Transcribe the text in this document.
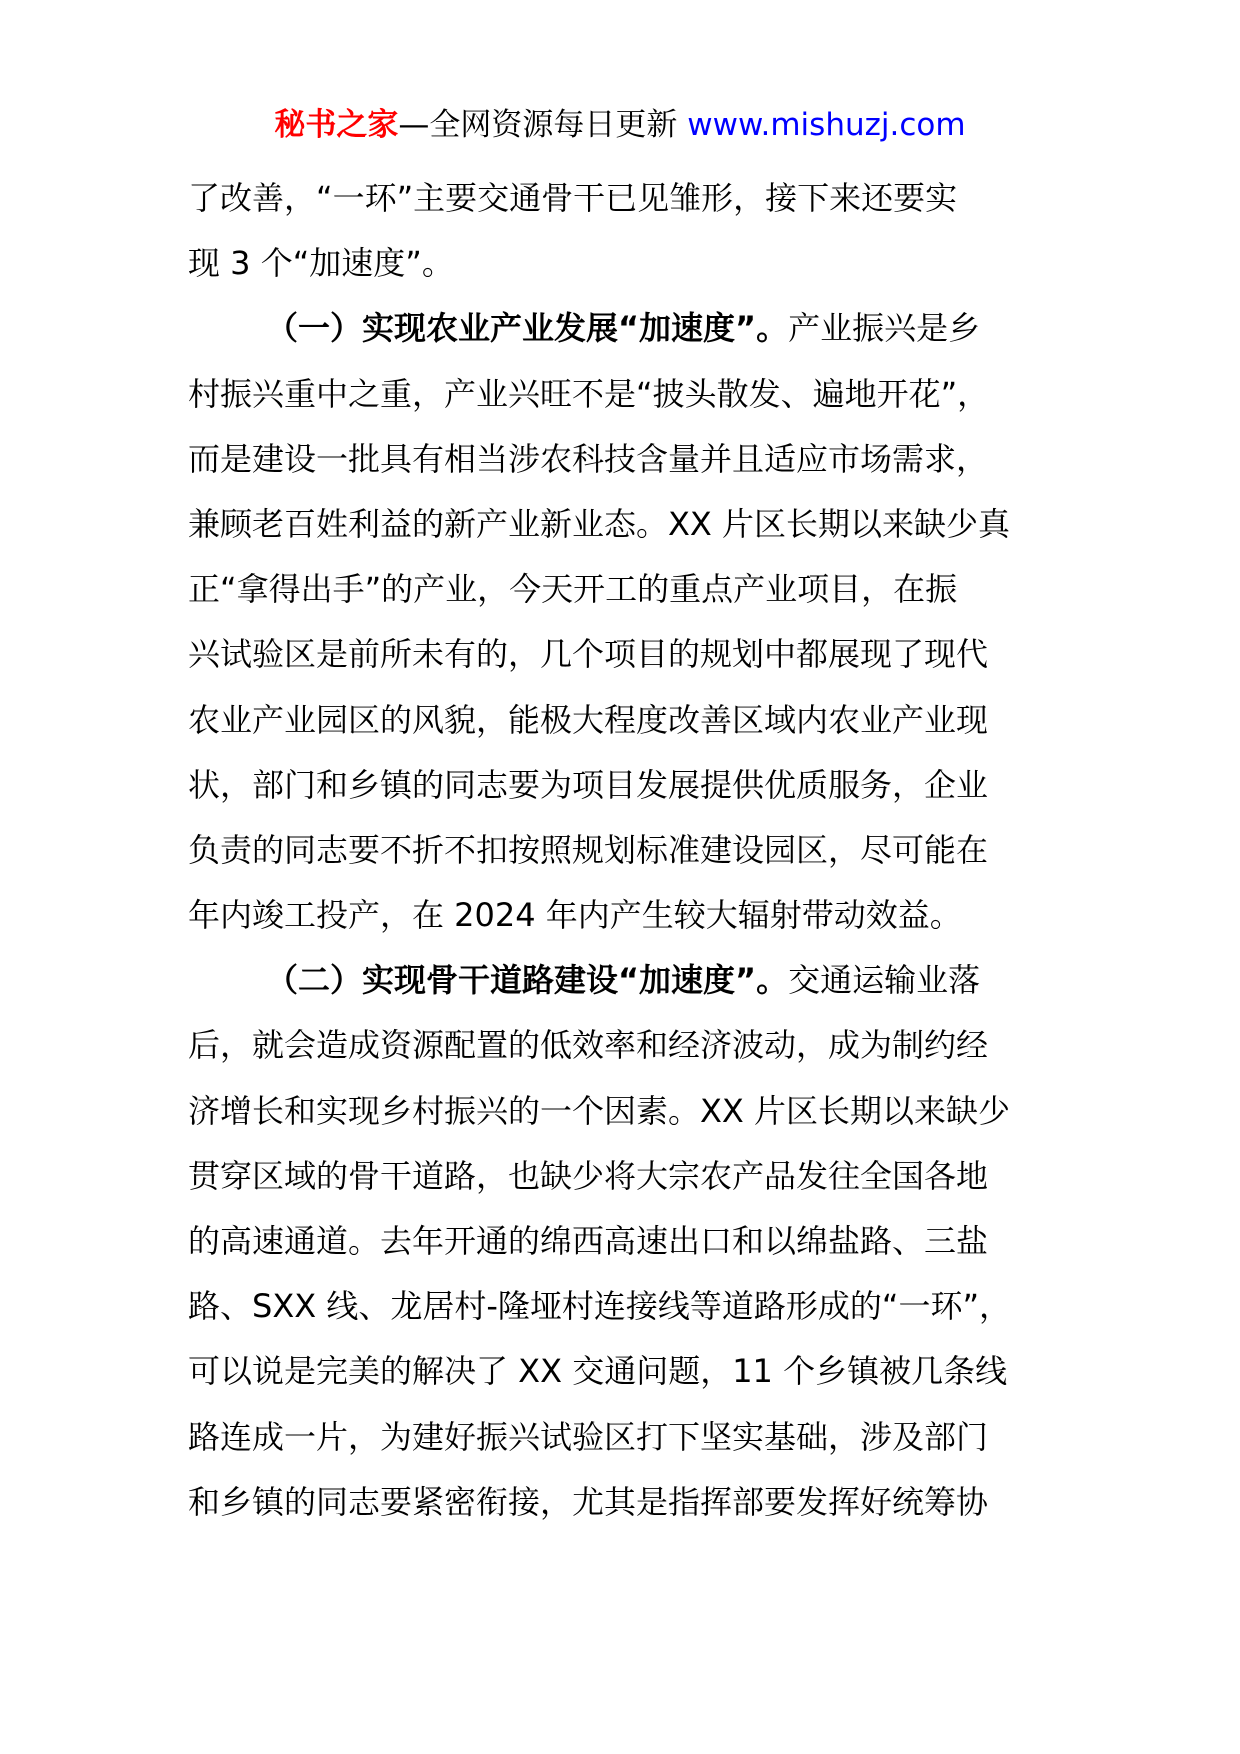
秘书之家—全网资源每日更新 www.mishuzj.com
了改善，“一环”主要交通骨干已见雏形，接下来还要实
现 3 个“加速度”。
（一）实现农业产业发展“加速度”。产业振兴是乡
村振兴重中之重，产业兴旺不是“披头散发、遍地开花”，
而是建设一批具有相当涉农科技含量并且适应市场需求，
兼顾老百姓利益的新产业新业态。XX 片区长期以来缺少真
正“拿得出手”的产业，今天开工的重点产业项目，在振
兴试验区是前所未有的，几个项目的规划中都展现了现代
农业产业园区的风貌，能极大程度改善区域内农业产业现
状，部门和乡镇的同志要为项目发展提供优质服务，企业
负责的同志要不折不扣按照规划标准建设园区，尽可能在
年内竣工投产，在 2024 年内产生较大辐射带动效益。
（二）实现骨干道路建设“加速度”。交通运输业落
后，就会造成资源配置的低效率和经济波动，成为制约经
济增长和实现乡村振兴的一个因素。XX 片区长期以来缺少
贯穿区域的骨干道路，也缺少将大宗农产品发往全国各地
的高速通道。去年开通的绵西高速出口和以绵盐路、三盐
路、SXX 线、龙居村-隆垭村连接线等道路形成的“一环”，
可以说是完美的解决了 XX 交通问题，11 个乡镇被几条线
路连成一片，为建好振兴试验区打下坚实基础，涉及部门
和乡镇的同志要紧密衔接，尤其是指挥部要发挥好统筹协
